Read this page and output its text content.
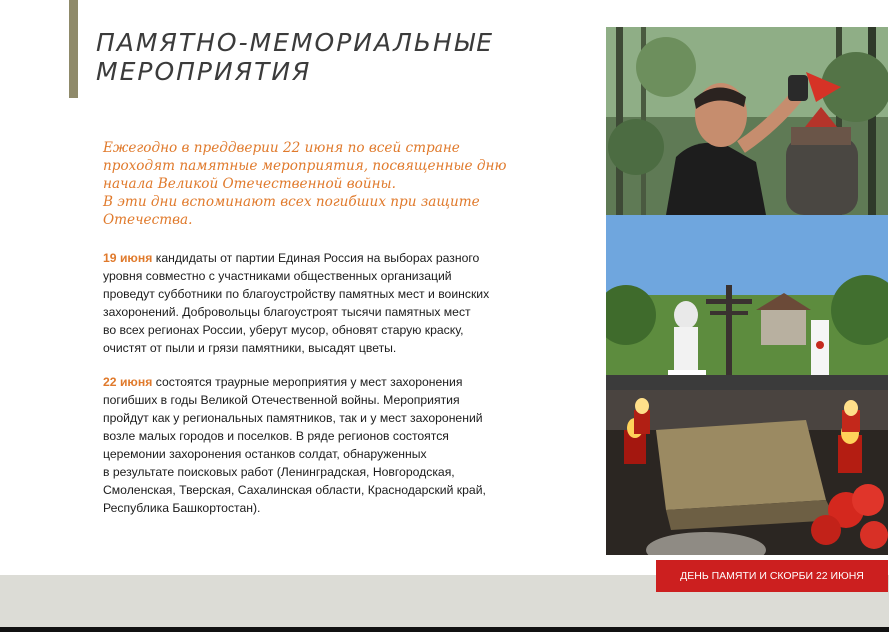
ПАМЯТНО-МЕМОРИАЛЬНЫЕ
МЕРОПРИЯТИЯ

Ежегодно в преддверии 22 июня по всей стране
проходят памятные мероприятия, посвященные дню
начала Великой Отечественной войны.
В эти дни вспоминают всех погибших при защите
Отечества.

19 июня кандидаты от партии Единая Россия на выборах разного
уровня совместно с участниками общественных организаций
проведут субботники по благоустройству памятных мест и воинских
захоронений. Добровольцы благоустроят тысячи памятных мест
во всех регионах России, уберут мусор, обновят старую краску,
очистят от пыли и грязи памятники, высадят цветы.

22 июня состоятся траурные мероприятия у мест захоронения
погибших в годы Великой Отечественной войны. Мероприятия
пройдут как у региональных памятников, так и у мест захоронений
возле малых городов и поселков. В ряде регионов состоятся
церемонии захоронения останков солдат, обнаруженных
в результате поисковых работ (Ленинградская, Новгородская,
Смоленская, Тверская, Сахалинская области, Краснодарский край,
Республика Башкортостан).

ДЕНЬ ПАМЯТИ И СКОРБИ 22 ИЮНЯ
